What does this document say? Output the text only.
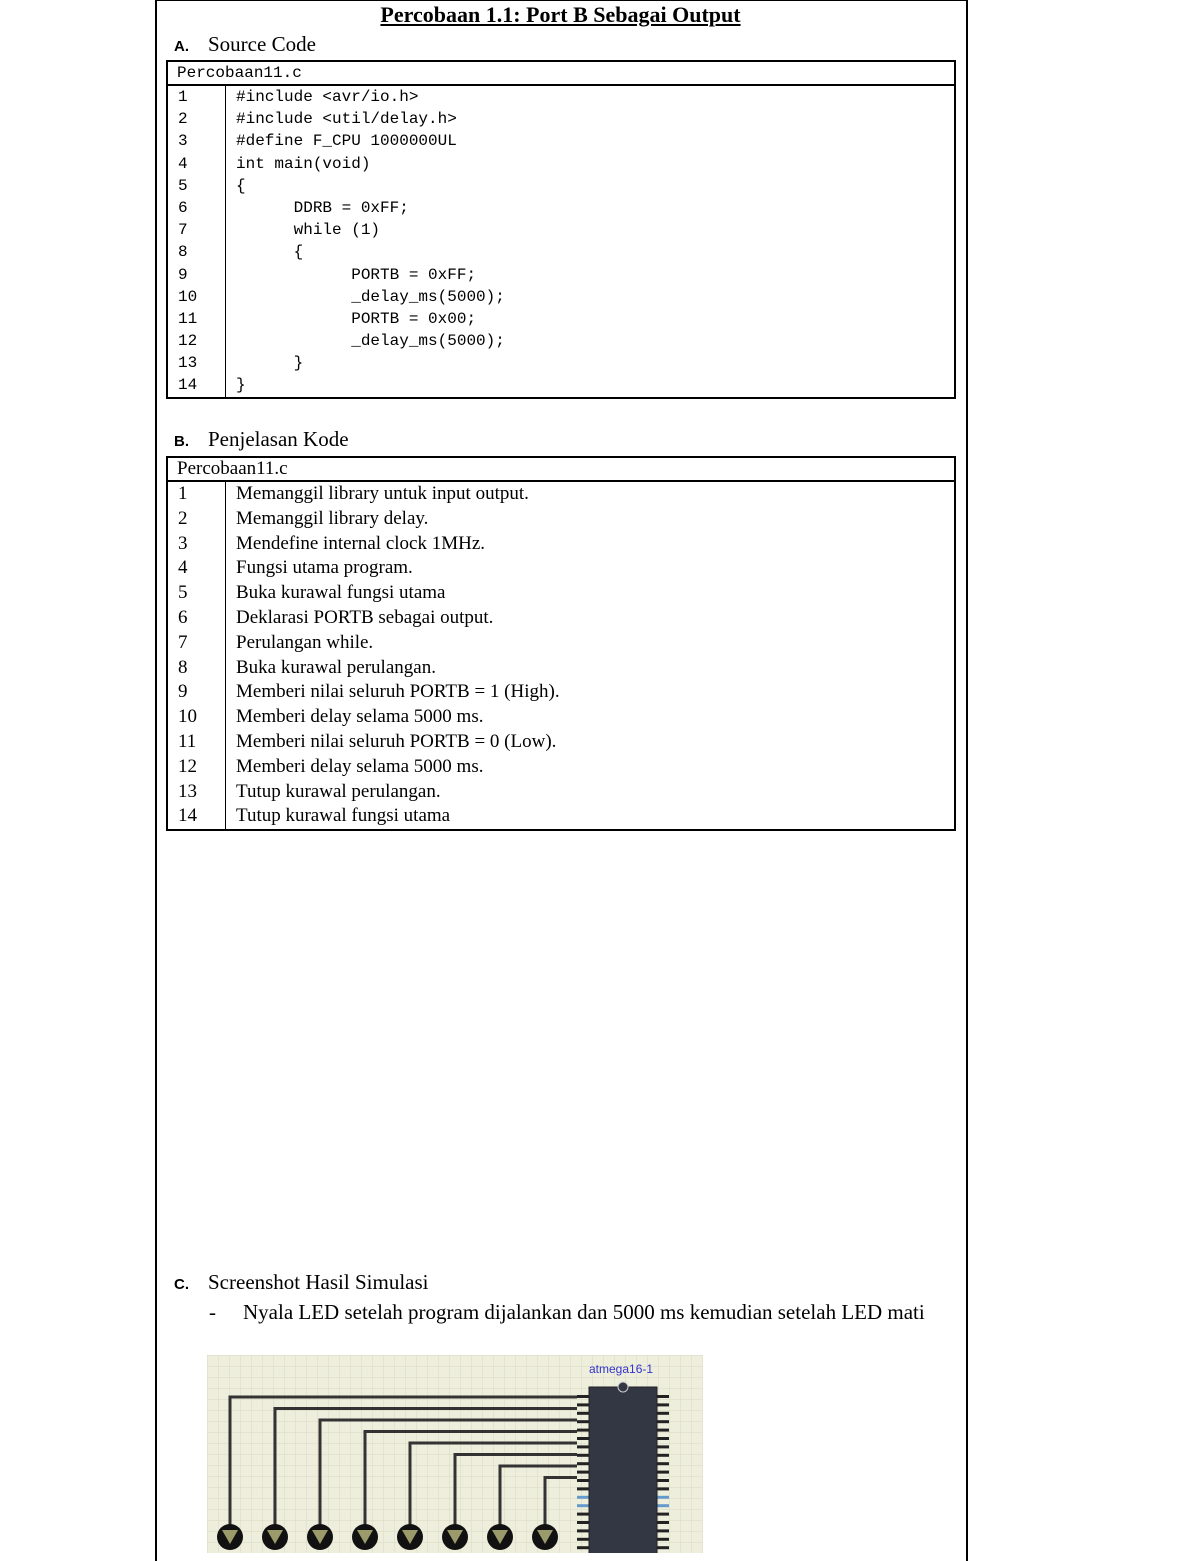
Percobaan 1.1: Port B Sebagai Output
A. Source Code
Percobaan11.c
1	#include <avr/io.h>
2	#include <util/delay.h>
3	#define F_CPU 1000000UL
4	int main(void)
5	{
6	DDRB = 0xFF;
7	while (1)
8	{
9	PORTB = 0xFF;
10	_delay_ms(5000);
11	PORTB = 0x00;
12	_delay_ms(5000);
13	}
14	}
B. Penjelasan Kode
Percobaan11.c
1	Memanggil library untuk input output.
2	Memanggil library delay.
3	Mendefine internal clock 1MHz.
4	Fungsi utama program.
5	Buka kurawal fungsi utama
6	Deklarasi PORTB sebagai output.
7	Perulangan while.
8	Buka kurawal perulangan.
9	Memberi nilai seluruh PORTB = 1 (High).
10	Memberi delay selama 5000 ms.
11	Memberi nilai seluruh PORTB = 0 (Low).
12	Memberi delay selama 5000 ms.
13	Tutup kurawal perulangan.
14	Tutup kurawal fungsi utama
C. Screenshot Hasil Simulasi
- Nyala LED setelah program dijalankan dan 5000 ms kemudian setelah LED mati
atmega16-1
